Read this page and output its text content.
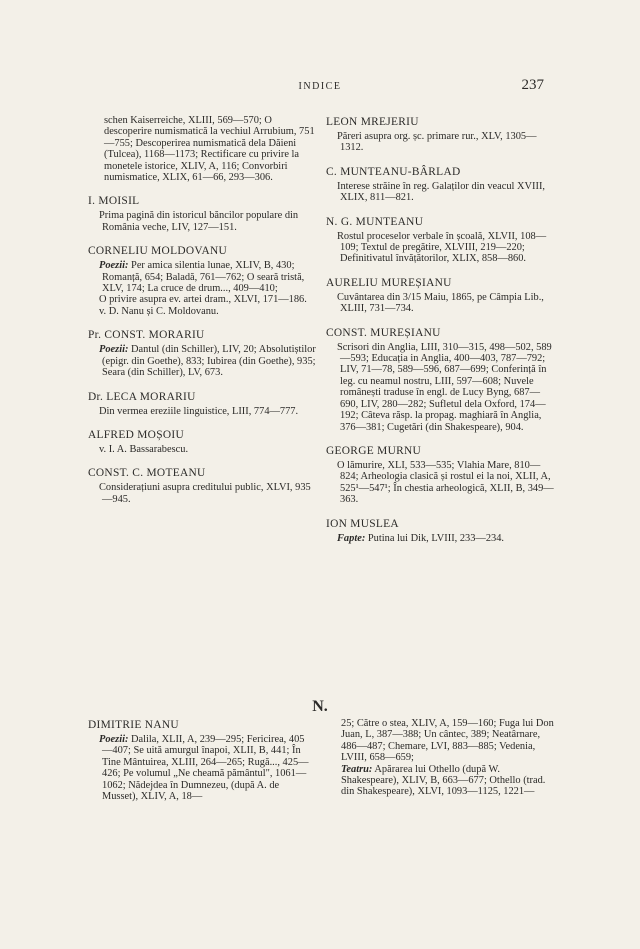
INDICE	237

schen Kaiserreiche, XLIII, 569—570; O descoperire numismatică la vechiul Arrubium, 751—755; Descoperirea numismatică dela Dăieni (Tulcea), 1168—1173; Rectificare cu privire la monetele istorice, XLIV, A, 116; Convorbiri numismatice, XLIX, 61—66, 293—306.

I. MOISIL

Prima pagină din istoricul băncilor populare din România veche, LIV, 127—151.

CORNELIU MOLDOVANU

Poezii: Per amica silentia lunae, XLIV, B, 430; Romanță, 654; Baladă, 761—762; O seară tristă, XLV, 174; La cruce de drum..., 409—410;

O privire asupra ev. artei dram., XLVI, 171—186.

v. D. Nanu și C. Moldovanu.

Pr. CONST. MORARIU

Poezii: Dantul (din Schiller), LIV, 20; Absolutiștilor (epigr. din Goethe), 833; Iubirea (din Goethe), 935; Seara (din Schiller), LV, 673.

Dr. LECA MORARIU

Din vermea ereziile linguistice, LIII, 774—777.

ALFRED MOȘOIU

v. I. A. Bassarabescu.

CONST. C. MOTEANU

Considerațiuni asupra creditului public, XLVI, 935—945.

LEON MREJERIU

Păreri asupra org. șc. primare rur., XLV, 1305—1312.

C. MUNTEANU-BÂRLAD

Interese străine în reg. Galaților din veacul XVIII, XLIX, 811—821.

N. G. MUNTEANU

Rostul proceselor verbale în școală, XLVII, 108—109; Textul de pregătire, XLVIII, 219—220; Definitivatul învățătorilor, XLIX, 858—860.

AURELIU MUREȘIANU

Cuvântarea din 3/15 Maiu, 1865, pe Câmpia Lib., XLIII, 731—734.

CONST. MUREȘIANU

Scrisori din Anglia, LIII, 310—315, 498—502, 589—593; Educația in Anglia, 400—403, 787—792; LIV, 71—78, 589—596, 687—699; Conferință în leg. cu neamul nostru, LIII, 597—608; Nuvele românești traduse în engl. de Lucy Byng, 687—690, LIV, 280—282; Sufletul dela Oxford, 174—192; Câteva răsp. la propag. maghiară în Anglia, 376—381; Cugetări (din Shakespeare), 904.

GEORGE MURNU

O lămurire, XLI, 533—535; Vlahia Mare, 810—824; Arheologia clasică și rostul ei la noi, XLII, A, 525¹—547¹; În chestia arheologică, XLII, B, 349—363.

ION MUSLEA

Fapte: Putina lui Dik, LVIII, 233—234.

N.
DIMITRIE NANU

Poezii: Dalila, XLII, A, 239—295; Fericirea, 405—407; Se uită amurgul înapoi, XLII, B, 441; În Tine Mântuirea, XLIII, 264—265; Rugă..., 425—426; Pe volumul „Ne cheamă pământul", 1061—1062; Nădejdea în Dumnezeu, (după A. de Musset), XLIV, A, 18—

25; Către o stea, XLIV, A, 159—160; Fuga lui Don Juan, L, 387—388; Un cântec, 389; Neatârnare, 486—487; Chemare, LVI, 883—885; Vedenia, LVIII, 658—659;

Teatru: Apărarea lui Othello (după W. Shakespeare), XLIV, B, 663—677; Othello (trad. din Shakespeare), XLVI, 1093—1125, 1221—
